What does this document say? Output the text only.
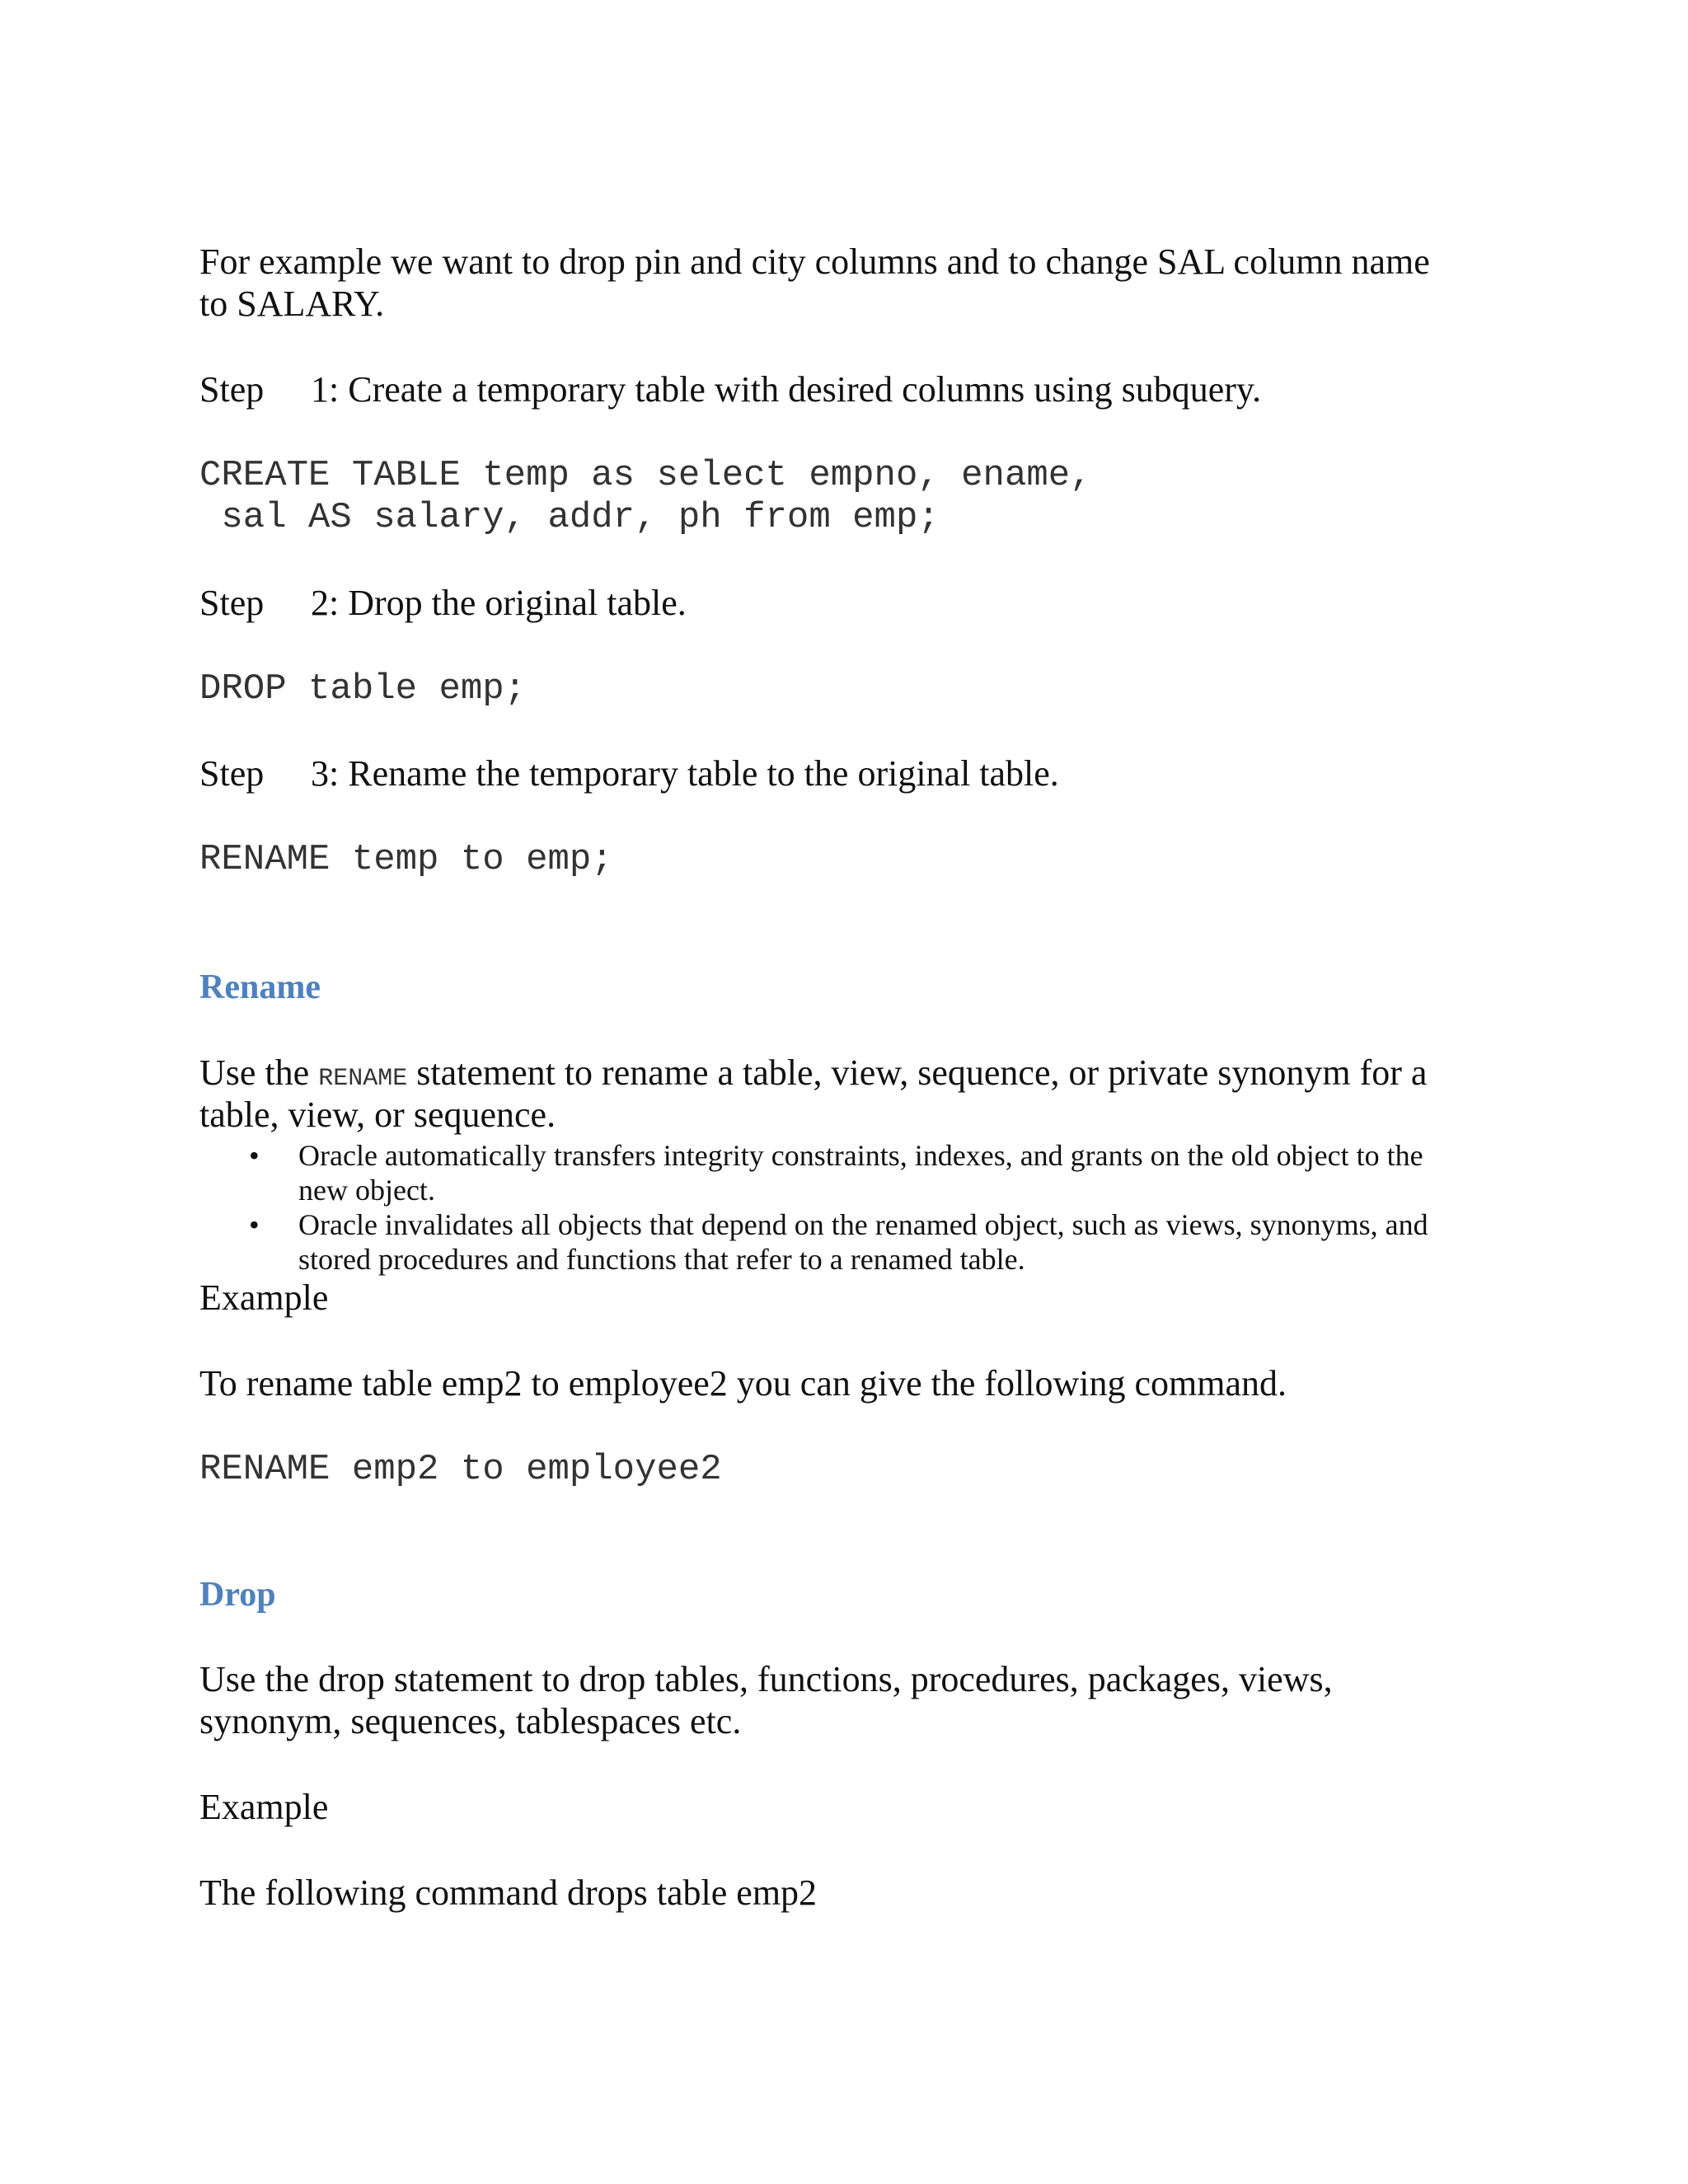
For example we want to drop pin and city columns and to change SAL column name

to SALARY.

Step 1: Create a temporary table with desired columns using subquery.

CREATE TABLE temp as select empno, ename,

sal AS salary, addr, ph from emp;

Step 2: Drop the original table.

DROP table emp;

Step 3: Rename the temporary table to the original table.

RENAME temp to emp;

Rename

Use the RENAME statement to rename a table, view, sequence, or private synonym for a

table, view, or sequence.

• Oracle automatically transfers integrity constraints, indexes, and grants on the old object to the
new object.
• Oracle invalidates all objects that depend on the renamed object, such as views, synonyms, and
stored procedures and functions that refer to a renamed table.

Example

To rename table emp2 to employee2 you can give the following command.

RENAME emp2 to employee2

Drop

Use the drop statement to drop tables, functions, procedures, packages, views,

synonym, sequences, tablespaces etc.

Example

The following command drops table emp2
